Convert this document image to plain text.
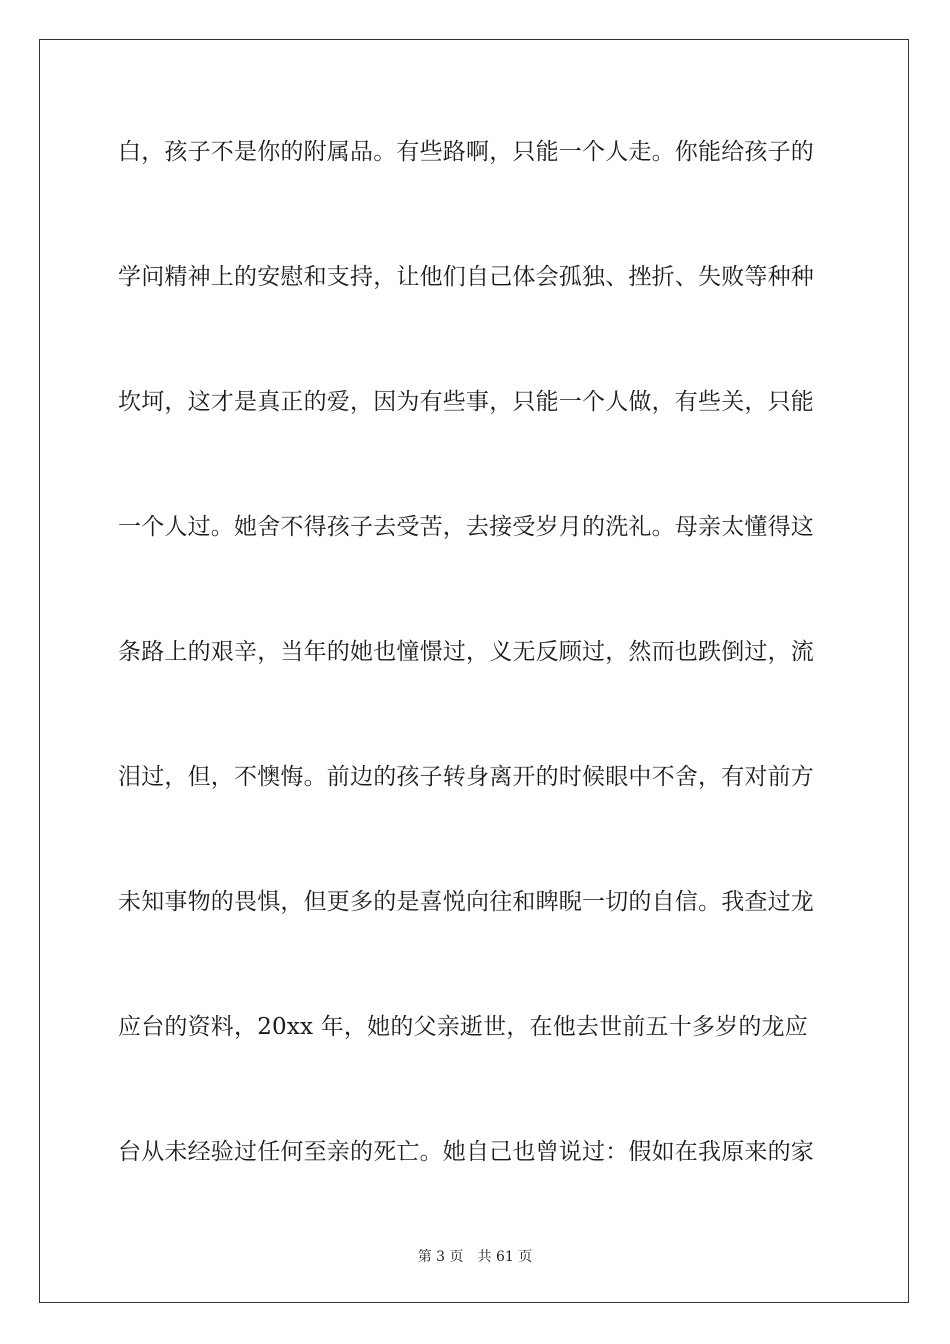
白，孩子不是你的附属品。有些路啊，只能一个人走。你能给孩子的
学问精神上的安慰和支持，让他们自己体会孤独、挫折、失败等种种
坎坷，这才是真正的爱，因为有些事，只能一个人做，有些关，只能
一个人过。她舍不得孩子去受苦，去接受岁月的洗礼。母亲太懂得这
条路上的艰辛，当年的她也憧憬过，义无反顾过，然而也跌倒过，流
泪过，但，不懊悔。前边的孩子转身离开的时候眼中不舍，有对前方
未知事物的畏惧，但更多的是喜悦向往和睥睨一切的自信。我查过龙
应台的资料，20xx 年，她的父亲逝世，在他去世前五十多岁的龙应
台从未经验过任何至亲的死亡。她自己也曾说过：假如在我原来的家
第 3 页 共 61 页
